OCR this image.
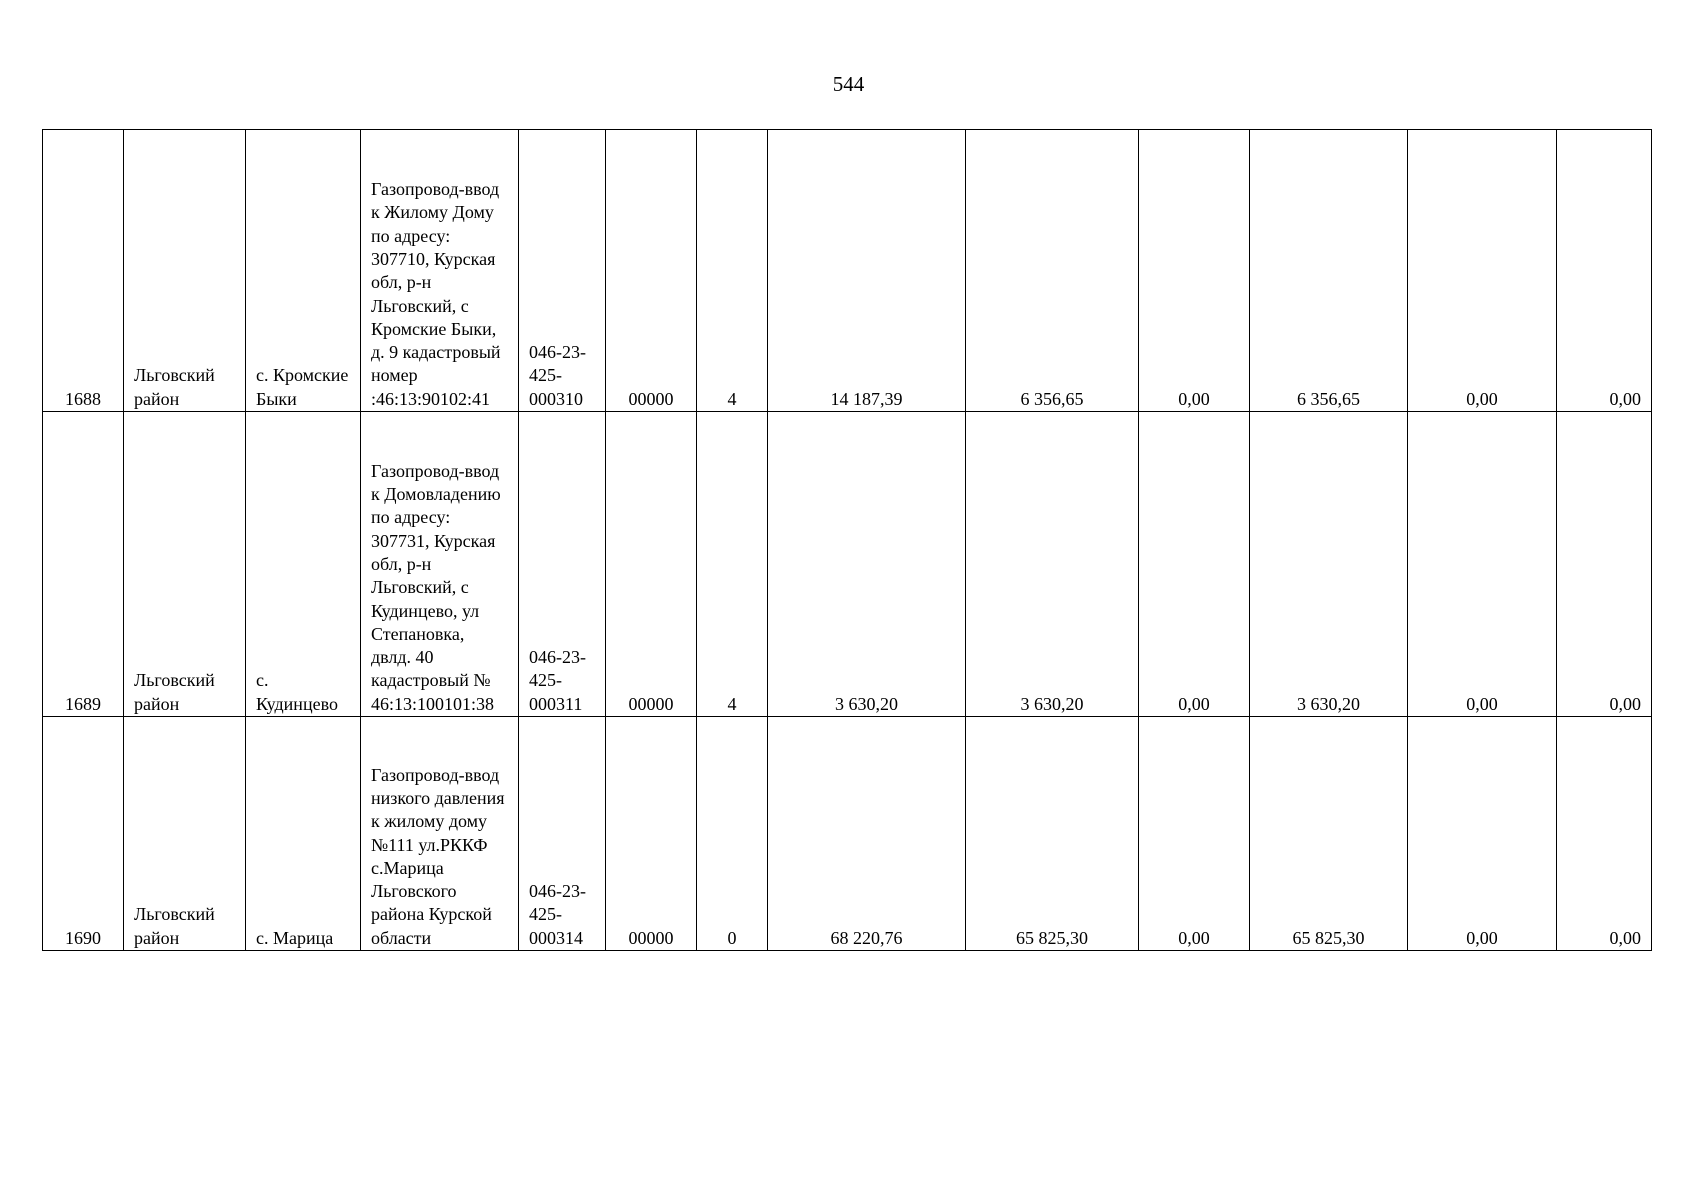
544
1688	Льговский район	с. Кромские Быки	Газопровод-ввод к Жилому Дому по адресу: 307710, Курская обл, р-н Льговский, с Кромские Быки, д. 9 кадастровый номер :46:13:90102:41	046-23-425-000310	00000	4	14 187,39	6 356,65	0,00	6 356,65	0,00	0,00
1689	Льговский район	с. Кудинцево	Газопровод-ввод к Домовладению по адресу: 307731, Курская обл, р-н Льговский, с Кудинцево, ул Степановка, двлд. 40 кадастровый № 46:13:100101:38	046-23-425-000311	00000	4	3 630,20	3 630,20	0,00	3 630,20	0,00	0,00
1690	Льговский район	с. Марица	Газопровод-ввод низкого давления к жилому дому №111 ул.РККФ с.Марица Льговского района Курской области	046-23-425-000314	00000	0	68 220,76	65 825,30	0,00	65 825,30	0,00	0,00
